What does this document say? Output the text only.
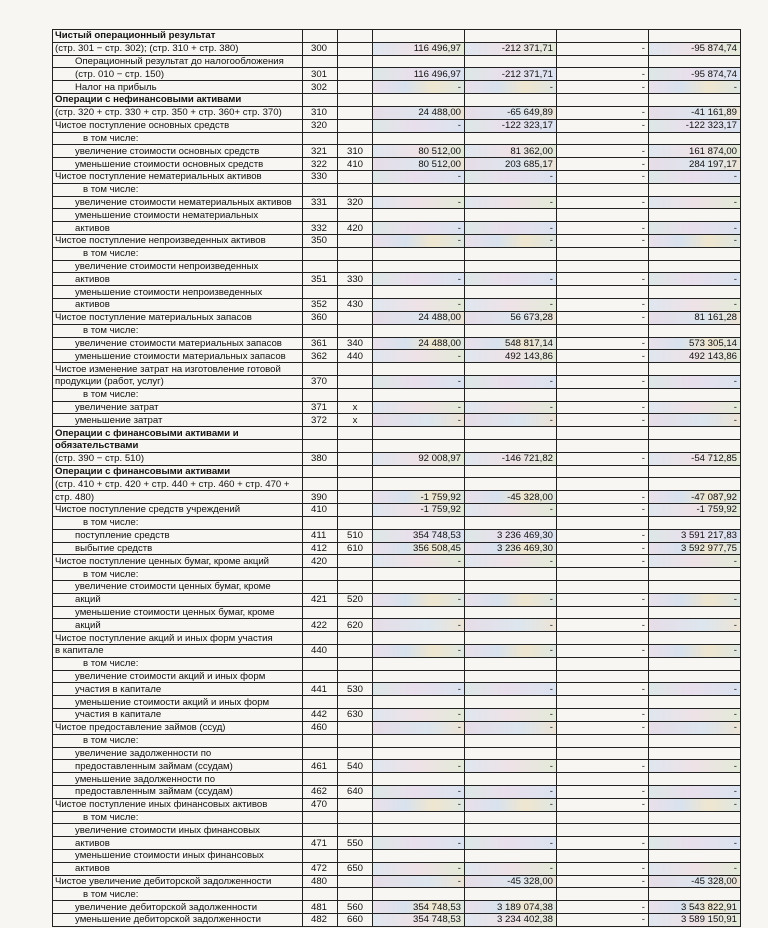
Чистый операционный результат						
(стр. 301 − стр. 302); (стр. 310 + стр. 380)	300		116 496,97	-212 371,71	-	-95 874,74
Операционный результат до налогообложения						
(стр. 010 − стр. 150)	301		116 496,97	-212 371,71	-	-95 874,74
Налог на прибыль	302		-	-	-	-
Операции с нефинансовыми активами						
(стр. 320 + стр. 330 + стр. 350 + стр. 360+ стр. 370)	310		24 488,00	-65 649,89	-	-41 161,89
Чистое поступление основных средств	320		-	-122 323,17	-	-122 323,17
в том числе:						
увеличение стоимости основных средств	321	310	80 512,00	81 362,00	-	161 874,00
уменьшение стоимости основных средств	322	410	80 512,00	203 685,17	-	284 197,17
Чистое поступление нематериальных активов	330		-	-	-	-
в том числе:						
увеличение стоимости нематериальных активов	331	320	-	-	-	-
уменьшение стоимости нематериальных						
активов	332	420	-	-	-	-
Чистое поступление непроизведенных активов	350		-	-	-	-
в том числе:						
увеличение стоимости непроизведенных						
активов	351	330	-	-	-	-
уменьшение стоимости непроизведенных						
активов	352	430	-	-	-	-
Чистое поступление материальных запасов	360		24 488,00	56 673,28	-	81 161,28
в том числе:						
увеличение стоимости материальных запасов	361	340	24 488,00	548 817,14	-	573 305,14
уменьшение стоимости материальных запасов	362	440	-	492 143,86	-	492 143,86
Чистое изменение затрат на изготовление готовой						
продукции (работ, услуг)	370		-	-	-	-
в том числе:						
увеличение затрат	371	x	-	-	-	-
уменьшение затрат	372	x	-	-	-	-
Операции с финансовыми активами и						
обязательствами						
(стр. 390 − стр. 510)	380		92 008,97	-146 721,82	-	-54 712,85
Операции с финансовыми активами						
(стр. 410 + стр. 420 + стр. 440 + стр. 460 + стр. 470 +						
стр. 480)	390		-1 759,92	-45 328,00	-	-47 087,92
Чистое поступление средств учреждений	410		-1 759,92	-	-	-1 759,92
в том числе:						
поступление средств	411	510	354 748,53	3 236 469,30	-	3 591 217,83
выбытие средств	412	610	356 508,45	3 236 469,30	-	3 592 977,75
Чистое поступление ценных бумаг, кроме акций	420		-	-	-	-
в том числе:						
увеличение стоимости ценных бумаг, кроме						
акций	421	520	-	-	-	-
уменьшение стоимости ценных бумаг, кроме						
акций	422	620	-	-	-	-
Чистое поступление акций и иных форм участия						
в капитале	440		-	-	-	-
в том числе:						
увеличение стоимости акций и иных форм						
участия в капитале	441	530	-	-	-	-
уменьшение стоимости акций и иных форм						
участия в капитале	442	630	-	-	-	-
Чистое предоставление займов (ссуд)	460		-	-	-	-
в том числе:						
увеличение задолженности по						
предоставленным займам (ссудам)	461	540	-	-	-	-
уменьшение задолженности по						
предоставленным займам (ссудам)	462	640	-	-	-	-
Чистое поступление иных финансовых активов	470		-	-	-	-
в том числе:						
увеличение стоимости иных финансовых						
активов	471	550	-	-	-	-
уменьшение стоимости иных финансовых						
активов	472	650	-	-	-	-
Чистое увеличение дебиторской задолженности	480		-	-45 328,00	-	-45 328,00
в том числе:						
увеличение дебиторской задолженности	481	560	354 748,53	3 189 074,38	-	3 543 822,91
уменьшение дебиторской задолженности	482	660	354 748,53	3 234 402,38	-	3 589 150,91
